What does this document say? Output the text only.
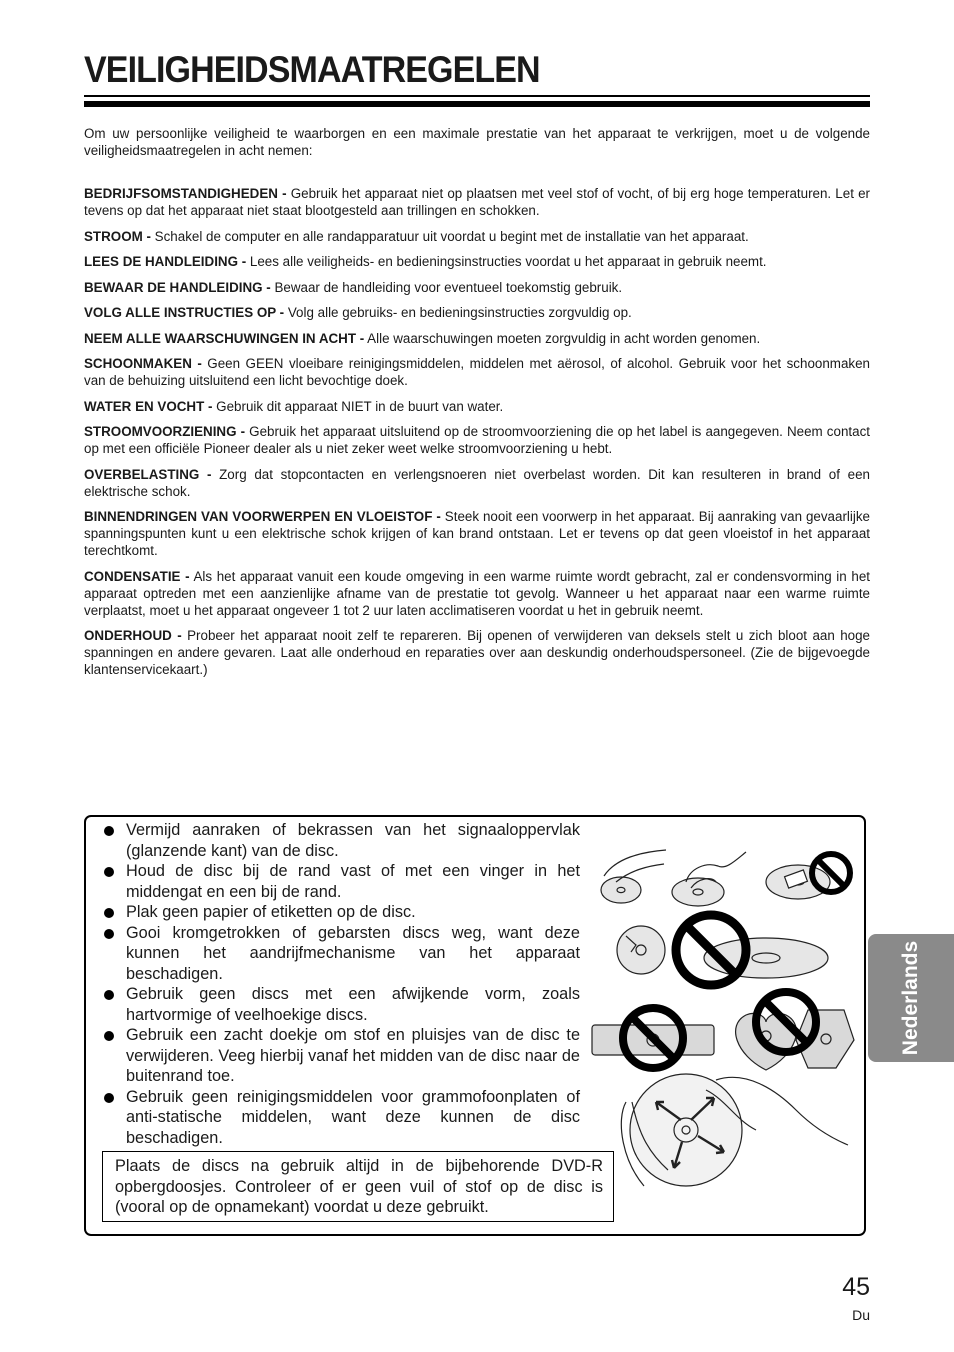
VEILIGHEIDSMAATREGELEN

Om uw persoonlijke veiligheid te waarborgen en een maximale prestatie van het apparaat te verkrijgen, moet u de volgende veiligheidsmaatregelen in acht nemen:

BEDRIJFSOMSTANDIGHEDEN - Gebruik het apparaat niet op plaatsen met veel stof of vocht, of bij erg hoge temperaturen. Let er tevens op dat het apparaat niet staat blootgesteld aan trillingen en schokken.

STROOM - Schakel de computer en alle randapparatuur uit voordat u begint met de installatie van het apparaat.

LEES DE HANDLEIDING - Lees alle veiligheids- en bedieningsinstructies voordat u het apparaat in gebruik neemt.

BEWAAR DE HANDLEIDING - Bewaar de handleiding voor eventueel toekomstig gebruik.

VOLG ALLE INSTRUCTIES OP - Volg alle gebruiks- en bedieningsinstructies zorgvuldig op.

NEEM ALLE WAARSCHUWINGEN IN ACHT - Alle waarschuwingen moeten zorgvuldig in acht worden genomen.

SCHOONMAKEN - Geen GEEN vloeibare reinigingsmiddelen, middelen met aërosol, of alcohol. Gebruik voor het schoonmaken van de behuizing uitsluitend een licht bevochtige doek.

WATER EN VOCHT - Gebruik dit apparaat NIET in de buurt van water.

STROOMVOORZIENING - Gebruik het apparaat uitsluitend op de stroomvoorziening die op het label is aangegeven. Neem contact op met een officiële Pioneer dealer als u niet zeker weet welke stroomvoorziening u hebt.

OVERBELASTING - Zorg dat stopcontacten en verlengsnoeren niet overbelast worden. Dit kan resulteren in brand of een elektrische schok.

BINNENDRINGEN VAN VOORWERPEN EN VLOEISTOF - Steek nooit een voorwerp in het apparaat. Bij aanraking van gevaarlijke spanningspunten kunt u een elektrische schok krijgen of kan brand ontstaan. Let er tevens op dat geen vloeistof in het apparaat terechtkomt.

CONDENSATIE - Als het apparaat vanuit een koude omgeving in een warme ruimte wordt gebracht, zal er condensvorming in het apparaat optreden met een aanzienlijke afname van de prestatie tot gevolg. Wanneer u het apparaat naar een warme ruimte verplaatst, moet u het apparaat ongeveer 1 tot 2 uur laten acclimatiseren voordat u het in gebruik neemt.

ONDERHOUD - Probeer het apparaat nooit zelf te repareren. Bij openen of verwijderen van deksels stelt u zich bloot aan hoge spanningen en andere gevaren. Laat alle onderhoud en reparaties over aan deskundig onderhoudspersoneel. (Zie de bijgevoegde klantenservicekaart.)

Vermijd aanraken of bekrassen van het signaaloppervlak (glanzende kant) van de disc.
Houd de disc bij de rand vast of met een vinger in het middengat en een bij de rand.
Plak geen papier of etiketten op de disc.
Gooi kromgetrokken of gebarsten discs weg, want deze kunnen het aandrijfmechanisme van het apparaat beschadigen.
Gebruik geen discs met een afwijkende vorm, zoals hartvormige of veelhoekige discs.
Gebruik een zacht doekje om stof en pluisjes van de disc te verwijderen. Veeg hierbij vanaf het midden van de disc naar de buitenrand toe.
Gebruik geen reinigingsmiddelen voor grammofoonplaten of anti-statische middelen, want deze kunnen de disc beschadigen.
Plaats de discs na gebruik altijd in de bijbehorende DVD-R opbergdoosjes. Controleer of er geen vuil of stof op de disc is (vooral op de opnamekant) voordat u deze gebruikt.
Nederlands
45
Du
